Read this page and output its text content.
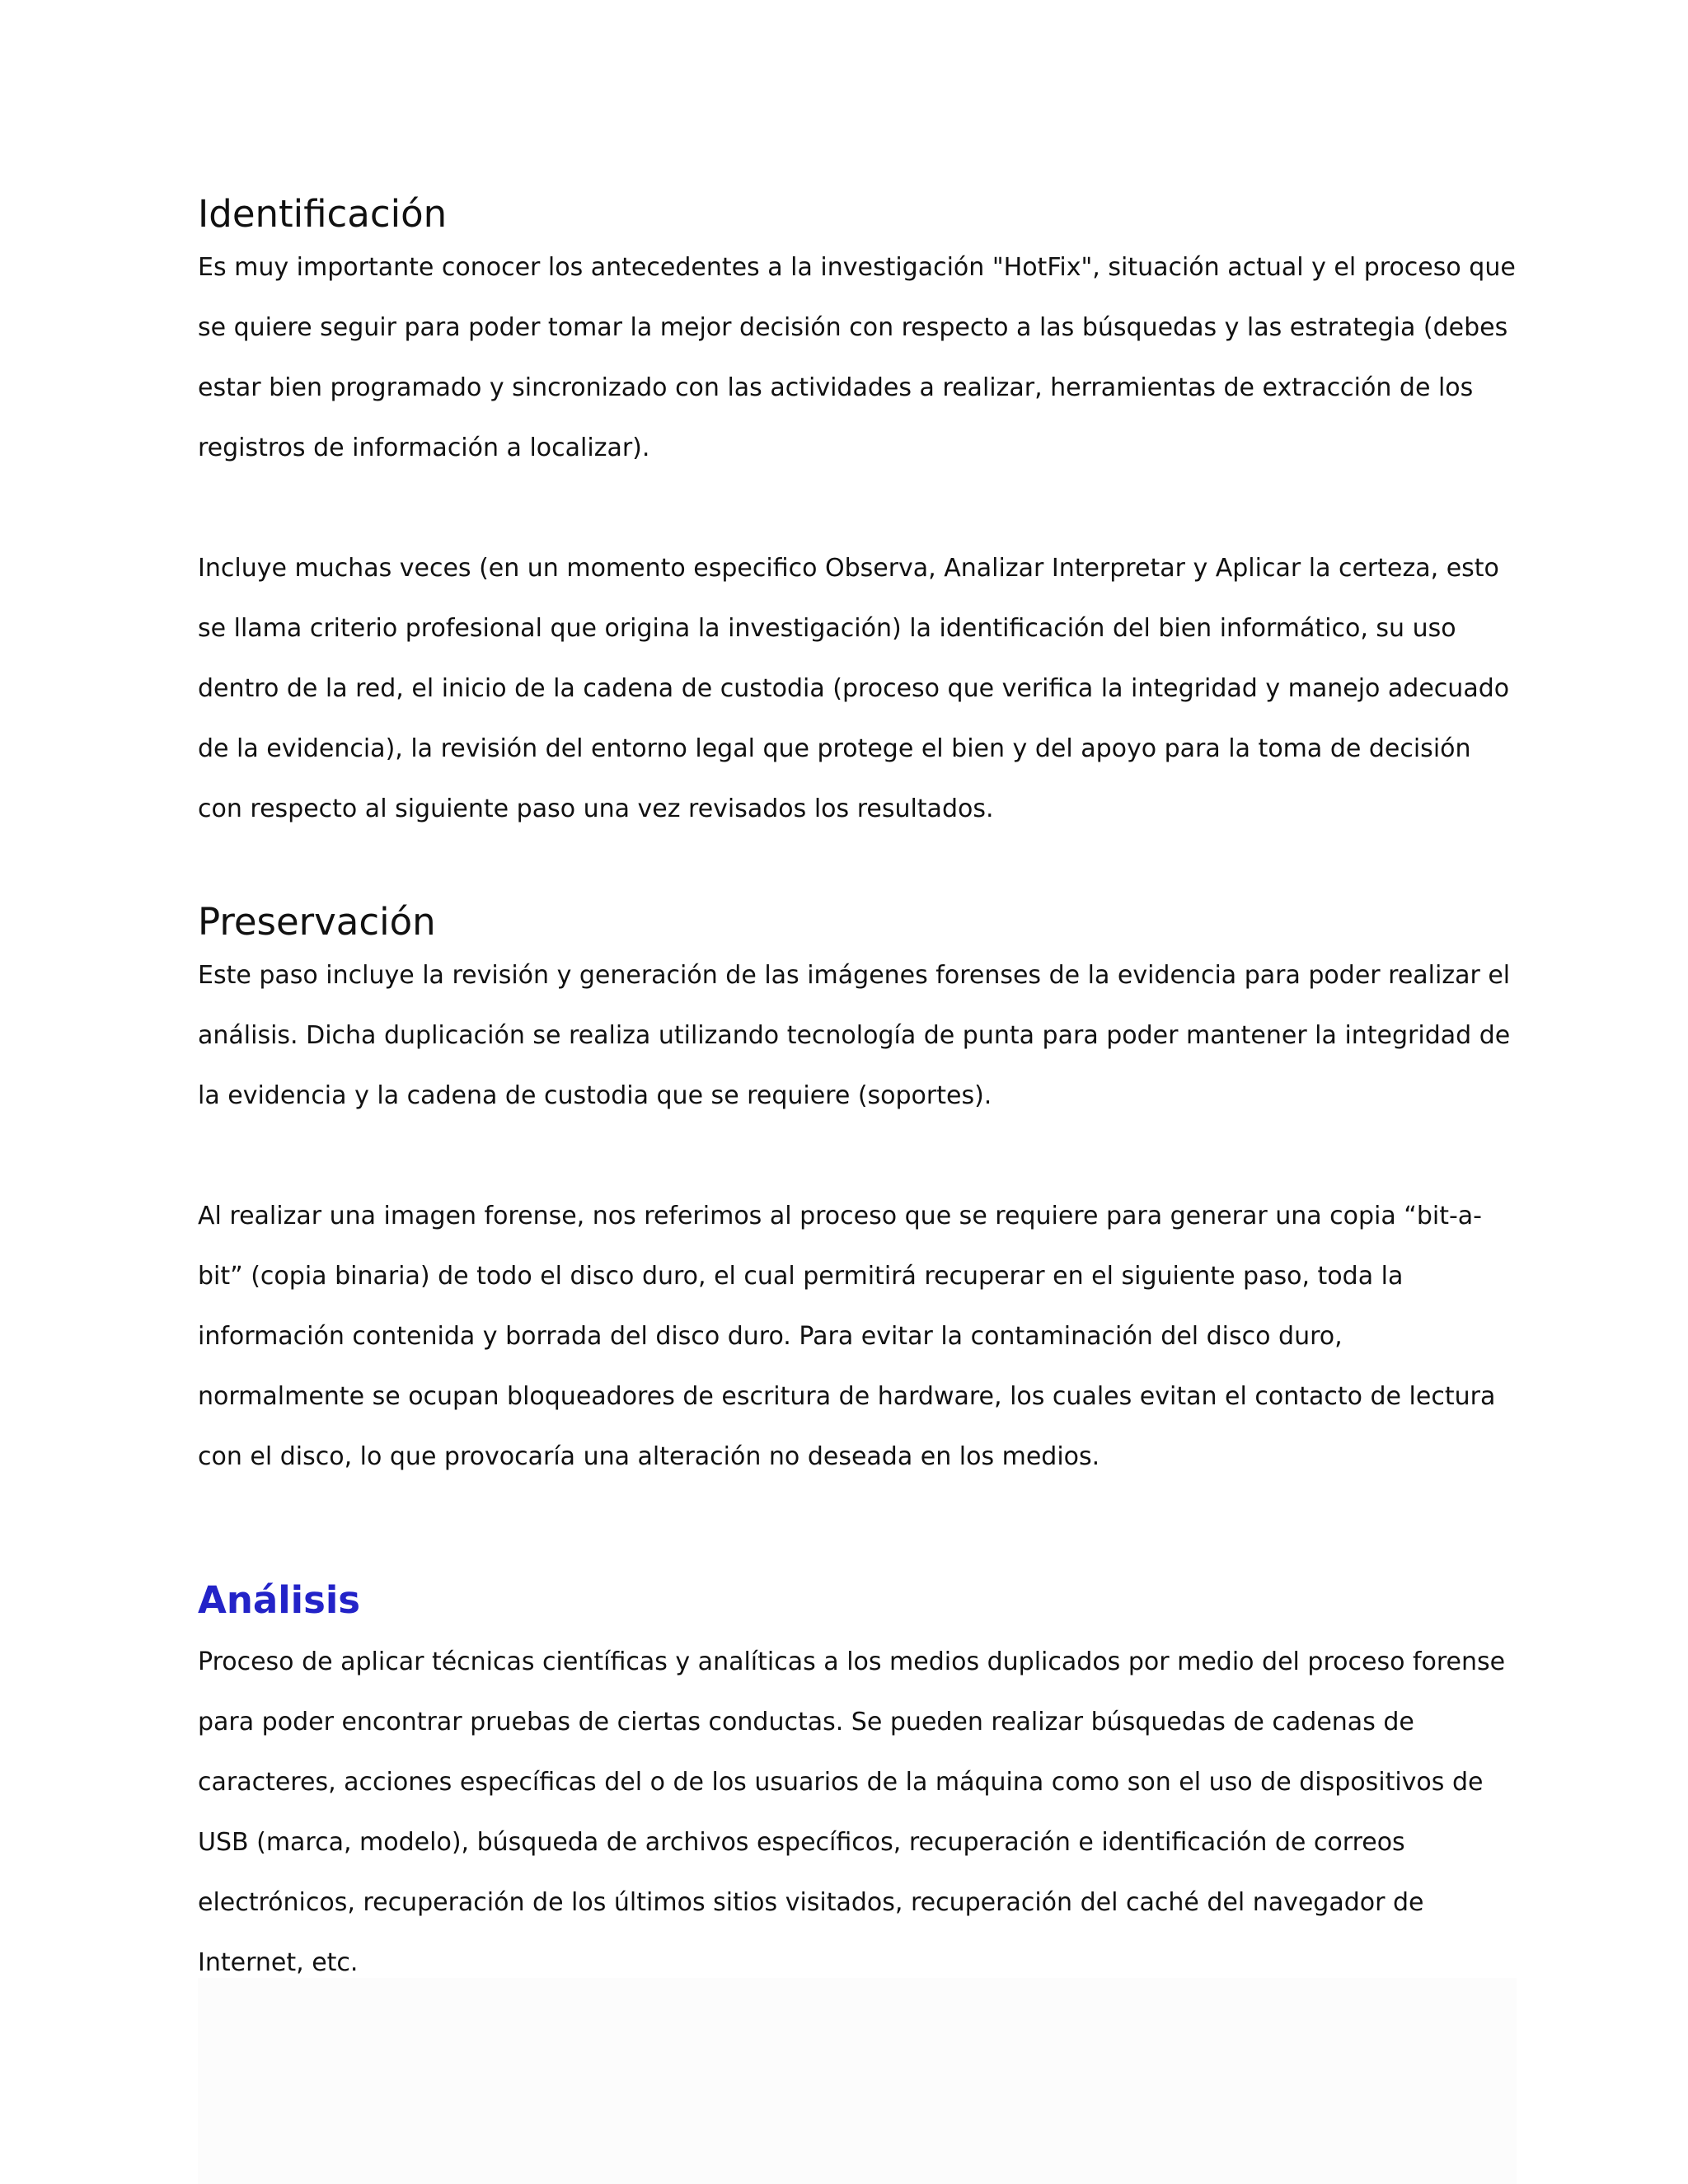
Identificación

Es muy importante conocer los antecedentes a la investigación "HotFix", situación actual y el proceso que se quiere seguir para poder tomar la mejor decisión con respecto a las búsquedas y las estrategia (debes estar bien programado y sincronizado con las actividades a realizar, herramientas de extracción de los registros de información a localizar).

Incluye muchas veces (en un momento especifico Observa, Analizar Interpretar y Aplicar la certeza, esto se llama criterio profesional que origina la investigación) la identificación del bien informático, su uso dentro de la red, el inicio de la cadena de custodia (proceso que verifica la integridad y manejo adecuado de la evidencia), la revisión del entorno legal que protege el bien y del apoyo para la toma de decisión con respecto al siguiente paso una vez revisados los resultados.

Preservación

Este paso incluye la revisión y generación de las imágenes forenses de la evidencia para poder realizar el análisis. Dicha duplicación se realiza utilizando tecnología de punta para poder mantener la integridad de la evidencia y la cadena de custodia que se requiere (soportes).

Al realizar una imagen forense, nos referimos al proceso que se requiere para generar una copia “bit-a-bit” (copia binaria) de todo el disco duro, el cual permitirá recuperar en el siguiente paso, toda la información contenida y borrada del disco duro. Para evitar la contaminación del disco duro, normalmente se ocupan bloqueadores de escritura de hardware, los cuales evitan el contacto de lectura con el disco, lo que provocaría una alteración no deseada en los medios.

Análisis

Proceso de aplicar técnicas científicas y analíticas a los medios duplicados por medio del proceso forense para poder encontrar pruebas de ciertas conductas. Se pueden realizar búsquedas de cadenas de caracteres, acciones específicas del o de los usuarios de la máquina como son el uso de dispositivos de USB (marca, modelo), búsqueda de archivos específicos, recuperación e identificación de correos electrónicos, recuperación de los últimos sitios visitados, recuperación del caché del navegador de Internet, etc.
